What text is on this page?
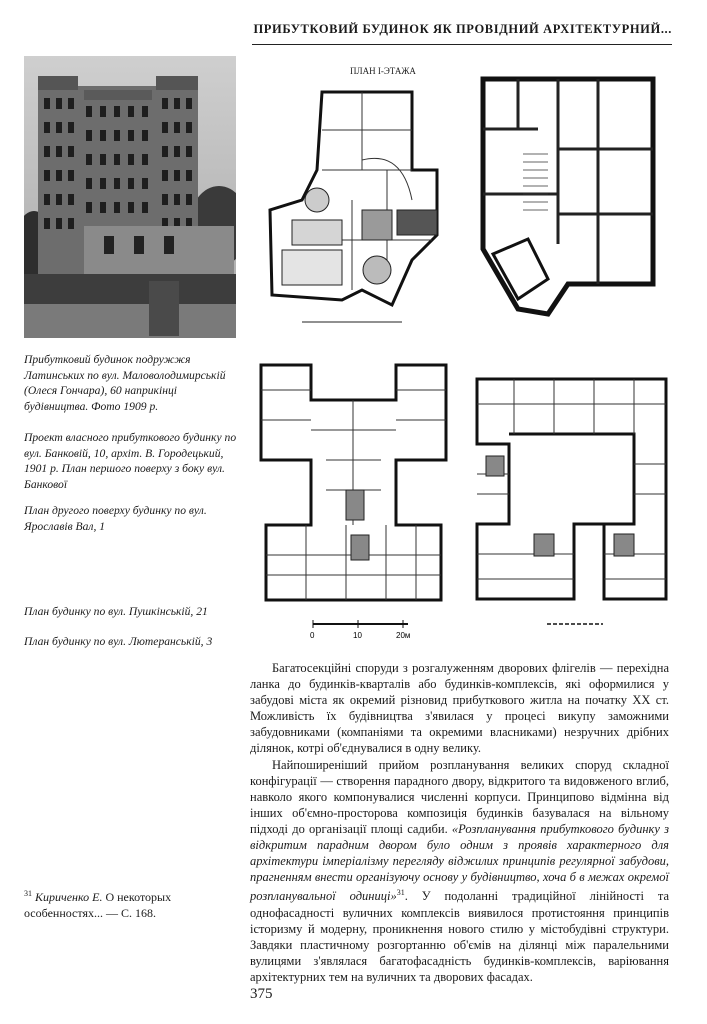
ПРИБУТКОВИЙ БУДИНОК ЯК ПРОВІДНИЙ АРХІТЕКТУРНИЙ...
ПЛАН І-ЭТАЖА
0	10	20м
Прибутковий будинок подружжя Латинських по вул. Маловолодимирській (Олеся Гончара), 60 наприкінці будівництва. Фото 1909 р.
Проект власного прибуткового будинку по вул. Банковій, 10, архіт. В. Городецький, 1901 р. План першого поверху з боку вул. Банкової
План другого поверху будинку по вул. Ярославів Вал, 1
План будинку по вул. Пушкінській, 21
План будинку по вул. Лютеранській, 3

Багатосекційні споруди з розгалуженням дворових флігелів — перехідна ланка до будинків-кварталів або будинків-комплексів, які оформилися у забудові міста як окремий різновид прибуткового житла на початку XX ст. Можливість їх будівництва з'явилася у процесі викупу заможними забудовниками (компаніями та окремими власниками) незручних дрібних ділянок, котрі об'єднувалися в одну велику.

Найпоширеніший прийом розпланування великих споруд складної конфігурації — створення парадного двору, відкритого та видовженого вглиб, навколо якого компонувалися численні корпуси. Принципово відмінна від інших об'ємно-просторова композиція будинків базувалася на вільному підході до організації площі садиби. «Розпланування прибуткового будинку з відкритим парадним двором було одним з проявів характерного для архітектури імперіалізму перегляду віджилих принципів регулярної забудови, прагненням внести організуючу основу у будівництво, хоча б в межах окремої розпланувальної одиниці»$^{31}$. У подоланні традиційної лінійності та однофасадності вуличних комплексів виявилося протистояння принципів історизму й модерну, проникнення нового стилю у містобудівні структури. Завдяки пластичному розгортанню об'ємів на ділянці між паралельними вулицями з'являлася багатофасадність будинків-комплексів, варіювання архітектурних тем на вуличних та дворових фасадах.

$^{31}$ Кириченко Е. О некоторых особенностях... — С. 168.
375
